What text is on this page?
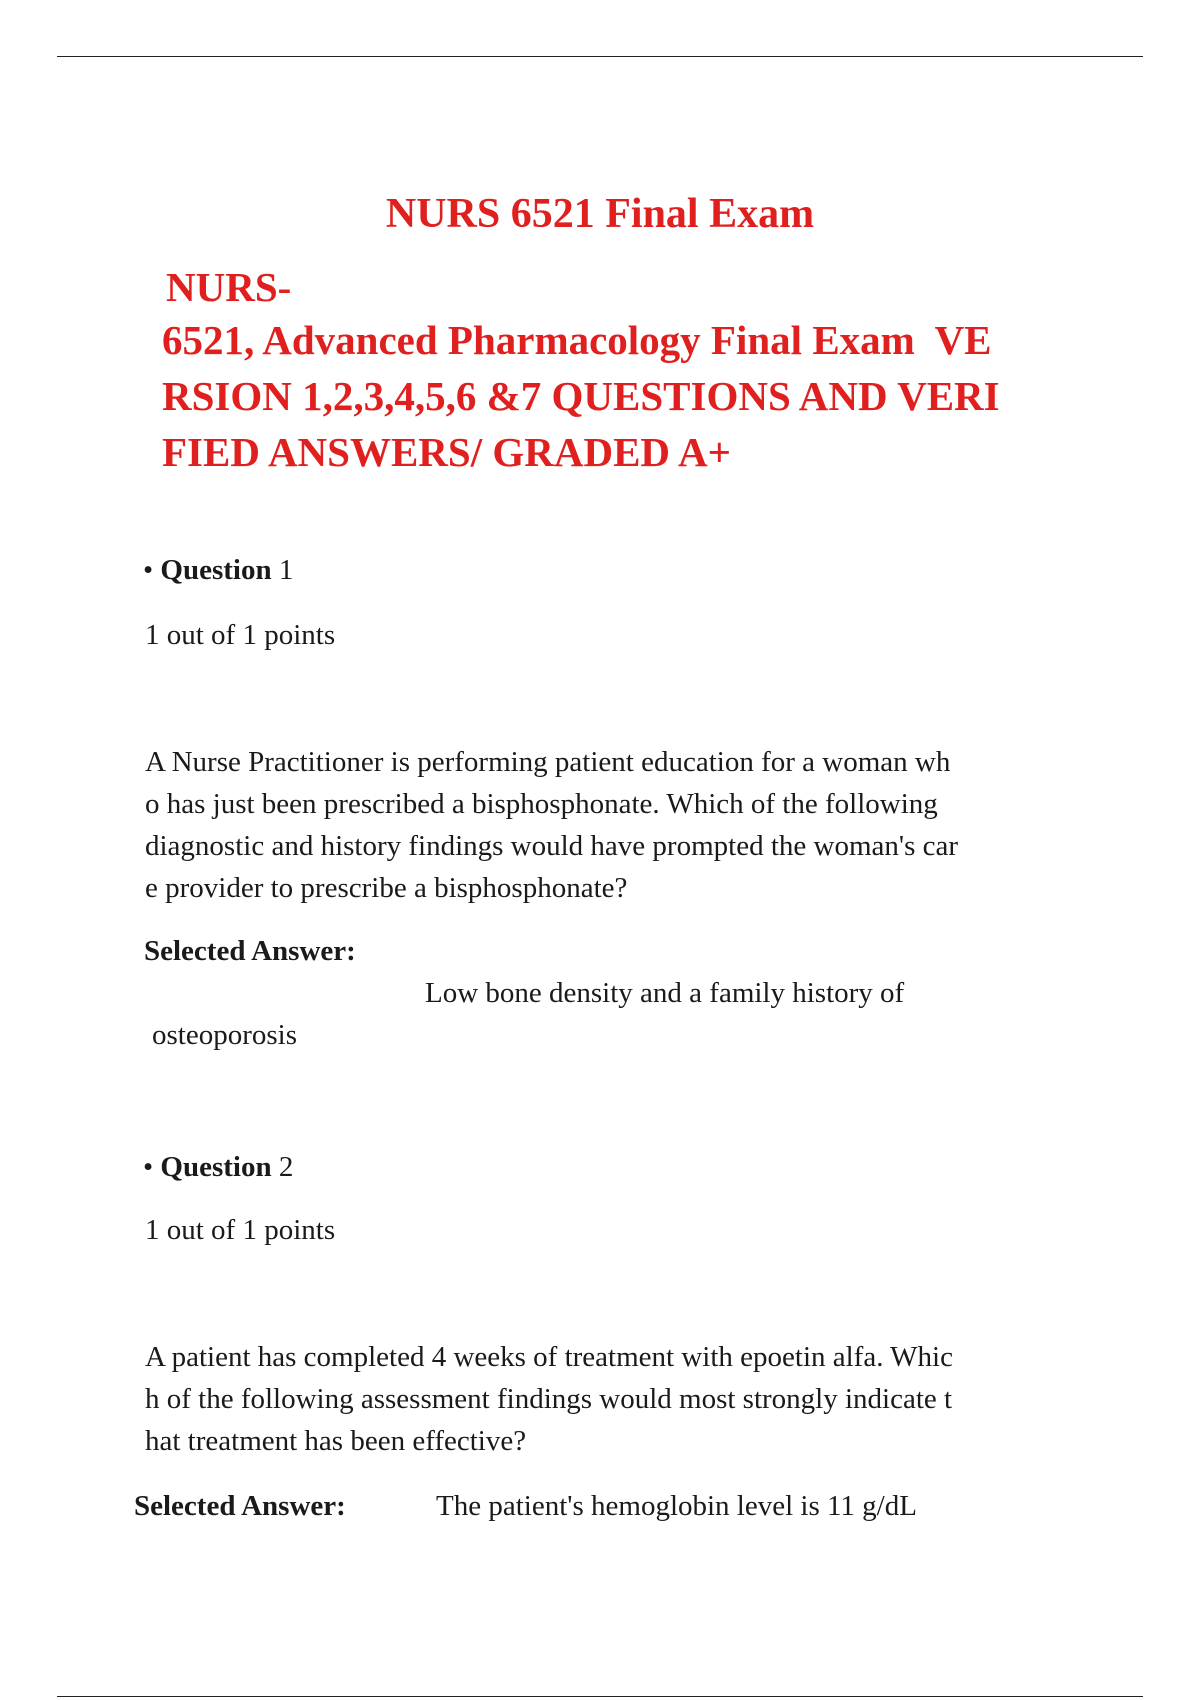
NURS 6521 Final Exam
NURS-
6521, Advanced Pharmacology Final Exam  VE
RSION 1,2,3,4,5,6 &7 QUESTIONS AND VERI
FIED ANSWERS/ GRADED A+
• Question 1
1 out of 1 points
A Nurse Practitioner is performing patient education for a woman wh
o has just been prescribed a bisphosphonate. Which of the following
diagnostic and history findings would have prompted the woman's car
e provider to prescribe a bisphosphonate?
Selected Answer:
Low bone density and a family history of
osteoporosis
• Question 2
1 out of 1 points
A patient has completed 4 weeks of treatment with epoetin alfa. Whic
h of the following assessment findings would most strongly indicate t
hat treatment has been effective?
Selected Answer:	The patient's hemoglobin level is 11 g/dL
